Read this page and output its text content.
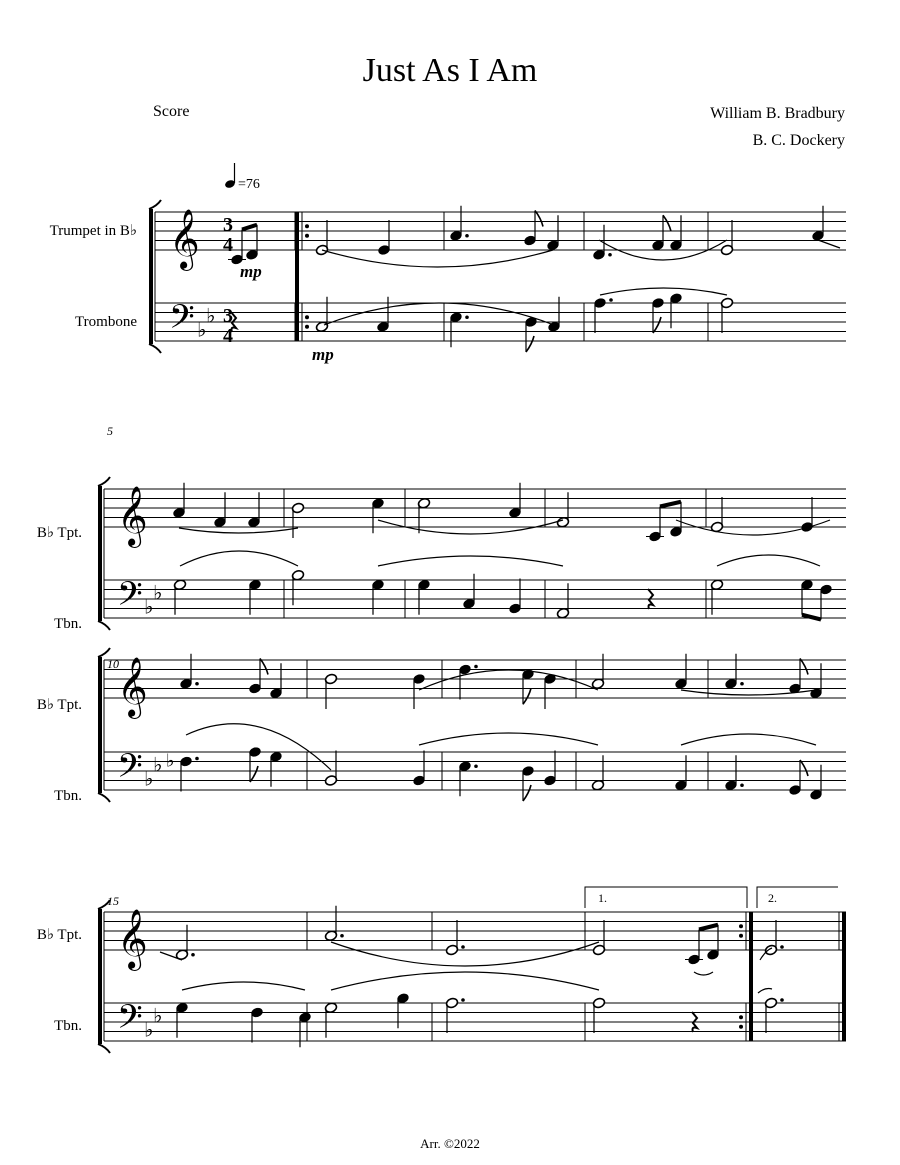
Just As I Am
Score	William B. Bradbury
B. C. Dockery
Arr. ©2022
=76
Trumpet in B♭
Trombone
B♭ Tpt.
Tbn.
B♭ Tpt.
Tbn.
B♭ Tpt.
Tbn.
5
10
15
3
4
3
4
mp
mp
1.	2.
𝄞
𝄢 ♭
♭
𝄞
𝄢 ♭
♭
𝄞
𝄢 ♭
♭
𝄞
𝄢 ♭
♭
♭
